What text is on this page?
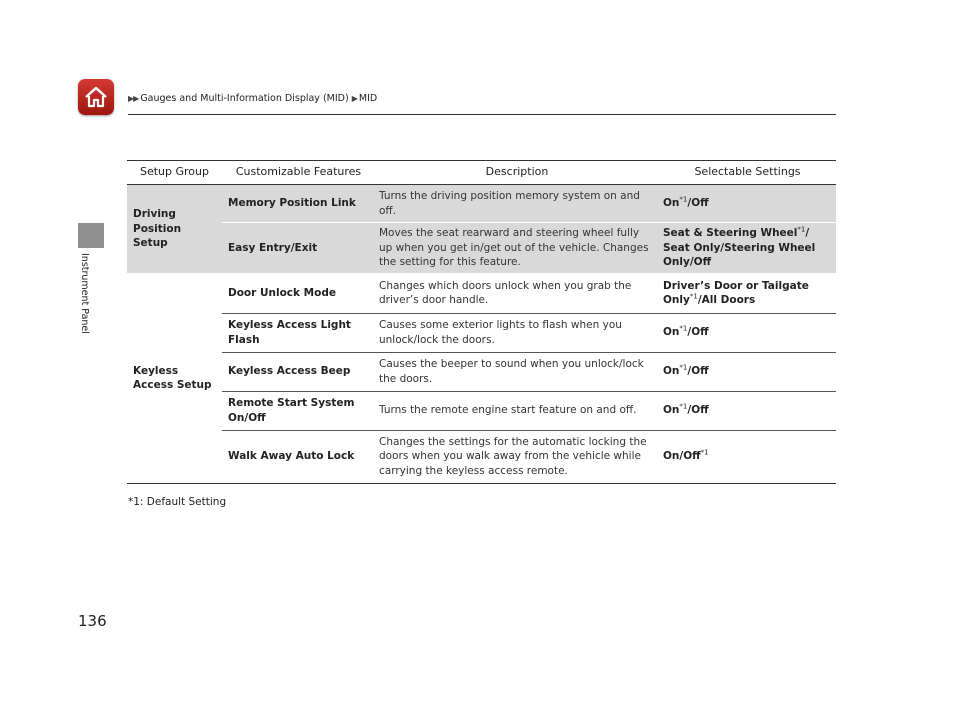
▶▶ Gauges and Multi-Information Display (MID) ▶ MID
Instrument Panel
Setup Group	Customizable Features	Description	Selectable Settings
Driving Position Setup	Memory Position Link	Turns the driving position memory system on and off.	On$^{*1}$/Off
	Easy Entry/Exit	Moves the seat rearward and steering wheel fully up when you get in/get out of the vehicle. Changes the setting for this feature.	Seat & Steering Wheel$^{*1}$/ Seat Only/Steering Wheel Only/Off
Keyless Access Setup	Door Unlock Mode	Changes which doors unlock when you grab the driver’s door handle.	Driver’s Door or Tailgate Only$^{*1}$/All Doors
	Keyless Access Light Flash	Causes some exterior lights to flash when you unlock/lock the doors.	On$^{*1}$/Off
	Keyless Access Beep	Causes the beeper to sound when you unlock/lock the doors.	On$^{*1}$/Off
	Remote Start System On/Off	Turns the remote engine start feature on and off.	On$^{*1}$/Off
	Walk Away Auto Lock	Changes the settings for the automatic locking the doors when you walk away from the vehicle while carrying the keyless access remote.	On/Off$^{*1}$
*1: Default Setting
136
